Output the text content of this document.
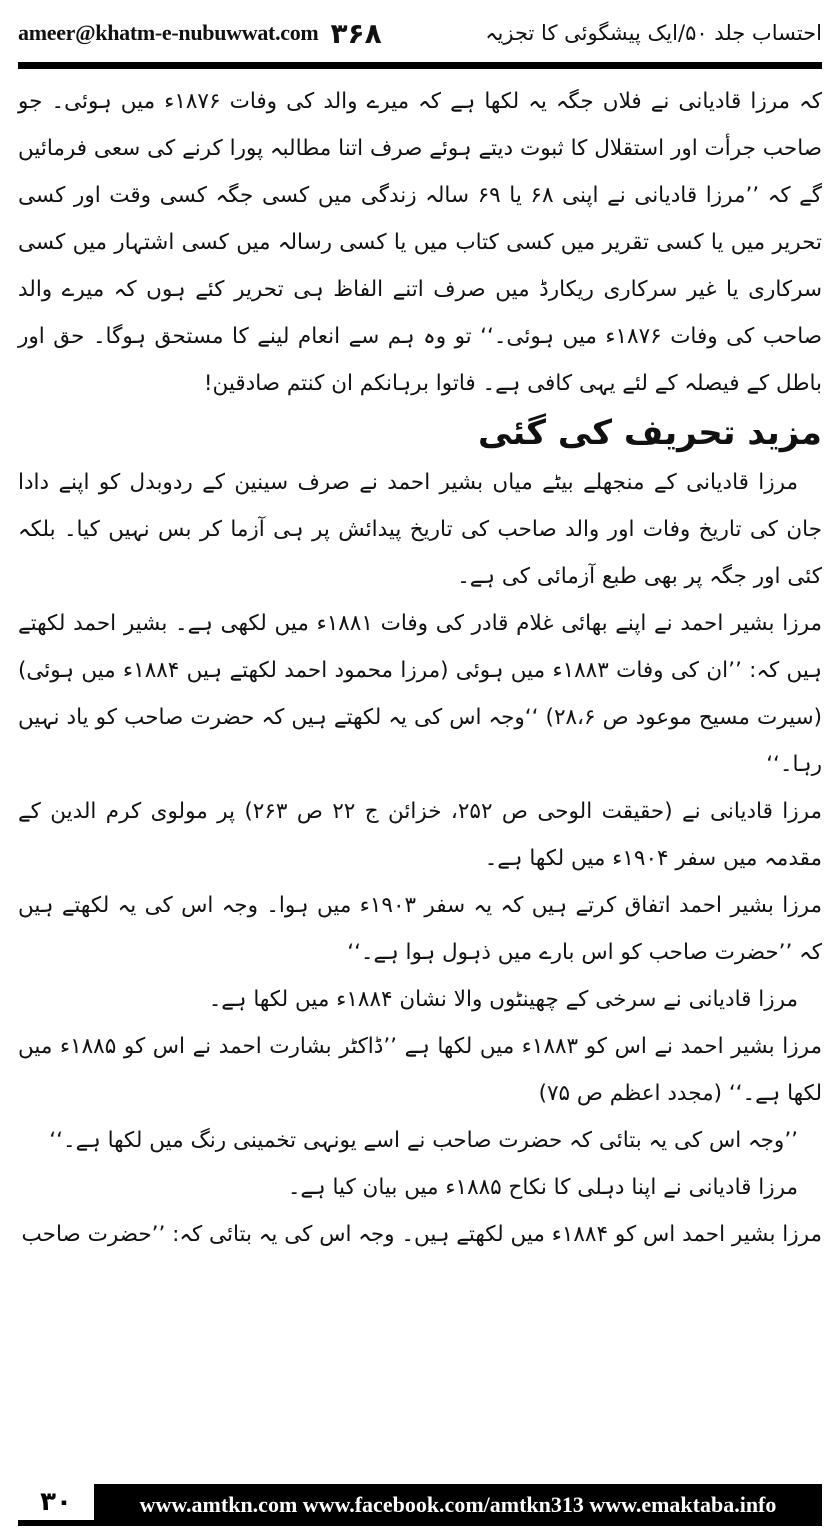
ameer@khatm-e-nubuwwat.com ۳۶۸	احتساب جلد ۵۰/ایک پیشگوئی کا تجزیہ

کہ مرزا قادیانی نے فلاں جگہ یہ لکھا ہے کہ میرے والد کی وفات ۱۸۷۶ء میں ہوئی۔ جو صاحب جرأت اور استقلال کا ثبوت دیتے ہوئے صرف اتنا مطالبہ پورا کرنے کی سعی فرمائیں گے کہ ’’مرزا قادیانی نے اپنی ۶۸ یا ۶۹ سالہ زندگی میں کسی جگہ کسی وقت اور کسی تحریر میں یا کسی تقریر میں کسی کتاب میں یا کسی رسالہ میں کسی اشتہار میں کسی سرکاری یا غیر سرکاری ریکارڈ میں صرف اتنے الفاظ ہی تحریر کئے ہوں کہ میرے والد صاحب کی وفات ۱۸۷۶ء میں ہوئی۔‘‘ تو وہ ہم سے انعام لینے کا مستحق ہوگا۔ حق اور باطل کے فیصلہ کے لئے یہی کافی ہے۔ فاتوا برہانکم ان کنتم صادقین!

مزید تحریف کی گئی

مرزا قادیانی کے منجھلے بیٹے میاں بشیر احمد نے صرف سینین کے ردوبدل کو اپنے دادا جان کی تاریخ وفات اور والد صاحب کی تاریخ پیدائش پر ہی آزما کر بس نہیں کیا۔ بلکہ کئی اور جگہ پر بھی طبع آزمائی کی ہے۔

مرزا بشیر احمد نے اپنے بھائی غلام قادر کی وفات ۱۸۸۱ء میں لکھی ہے۔ بشیر احمد لکھتے ہیں کہ: ’’ان کی وفات ۱۸۸۳ء میں ہوئی (مرزا محمود احمد لکھتے ہیں ۱۸۸۴ء میں ہوئی) (سیرت مسیح موعود ص ۲۸،۶) ‘‘وجہ اس کی یہ لکھتے ہیں کہ حضرت صاحب کو یاد نہیں رہا۔‘‘

مرزا قادیانی نے (حقیقت الوحی ص ۲۵۲، خزائن ج ۲۲ ص ۲۶۳) پر مولوی کرم الدین کے مقدمہ میں سفر ۱۹۰۴ء میں لکھا ہے۔

مرزا بشیر احمد اتفاق کرتے ہیں کہ یہ سفر ۱۹۰۳ء میں ہوا۔ وجہ اس کی یہ لکھتے ہیں کہ ’’حضرت صاحب کو اس بارے میں ذہول ہوا ہے۔‘‘

مرزا قادیانی نے سرخی کے چھینٹوں والا نشان ۱۸۸۴ء میں لکھا ہے۔

مرزا بشیر احمد نے اس کو ۱۸۸۳ء میں لکھا ہے ’’ڈاکٹر بشارت احمد نے اس کو ۱۸۸۵ء میں لکھا ہے۔‘‘ (مجدد اعظم ص ۷۵)

’’وجہ اس کی یہ بتائی کہ حضرت صاحب نے اسے یونہی تخمینی رنگ میں لکھا ہے۔‘‘

مرزا قادیانی نے اپنا دہلی کا نکاح ۱۸۸۵ء میں بیان کیا ہے۔

مرزا بشیر احمد اس کو ۱۸۸۴ء میں لکھتے ہیں۔ وجہ اس کی یہ بتائی کہ: ’’حضرت صاحب

۳۰	www.amtkn.com www.facebook.com/amtkn313 www.emaktaba.info
